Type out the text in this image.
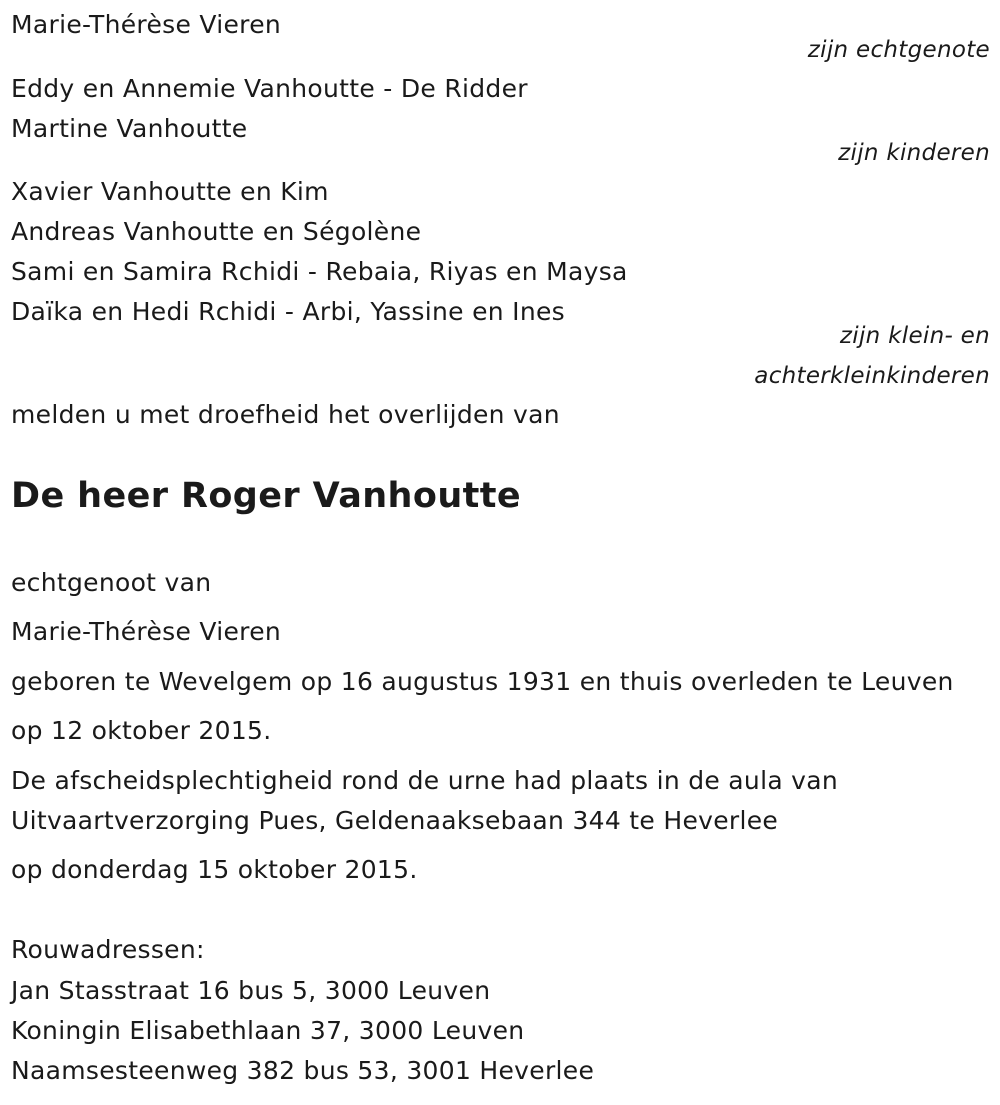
Marie-Thérèse Vieren
zijn echtgenote
Eddy en Annemie Vanhoutte - De Ridder
Martine Vanhoutte
zijn kinderen
Xavier Vanhoutte en Kim
Andreas Vanhoutte en Ségolène
Sami en Samira Rchidi - Rebaia, Riyas en Maysa
Daïka en Hedi Rchidi - Arbi, Yassine en Ines
zijn klein- en
achterkleinkinderen
melden u met droefheid het overlijden van
De heer Roger Vanhoutte
echtgenoot van
Marie-Thérèse Vieren
geboren te Wevelgem op 16 augustus 1931 en thuis overleden te Leuven
op 12 oktober 2015.
De afscheidsplechtigheid rond de urne had plaats in de aula van
Uitvaartverzorging Pues, Geldenaaksebaan 344 te Heverlee
op donderdag 15 oktober 2015.
Rouwadressen:
Jan Stasstraat 16 bus 5, 3000 Leuven
Koningin Elisabethlaan 37, 3000 Leuven
Naamsesteenweg 382 bus 53, 3001 Heverlee
